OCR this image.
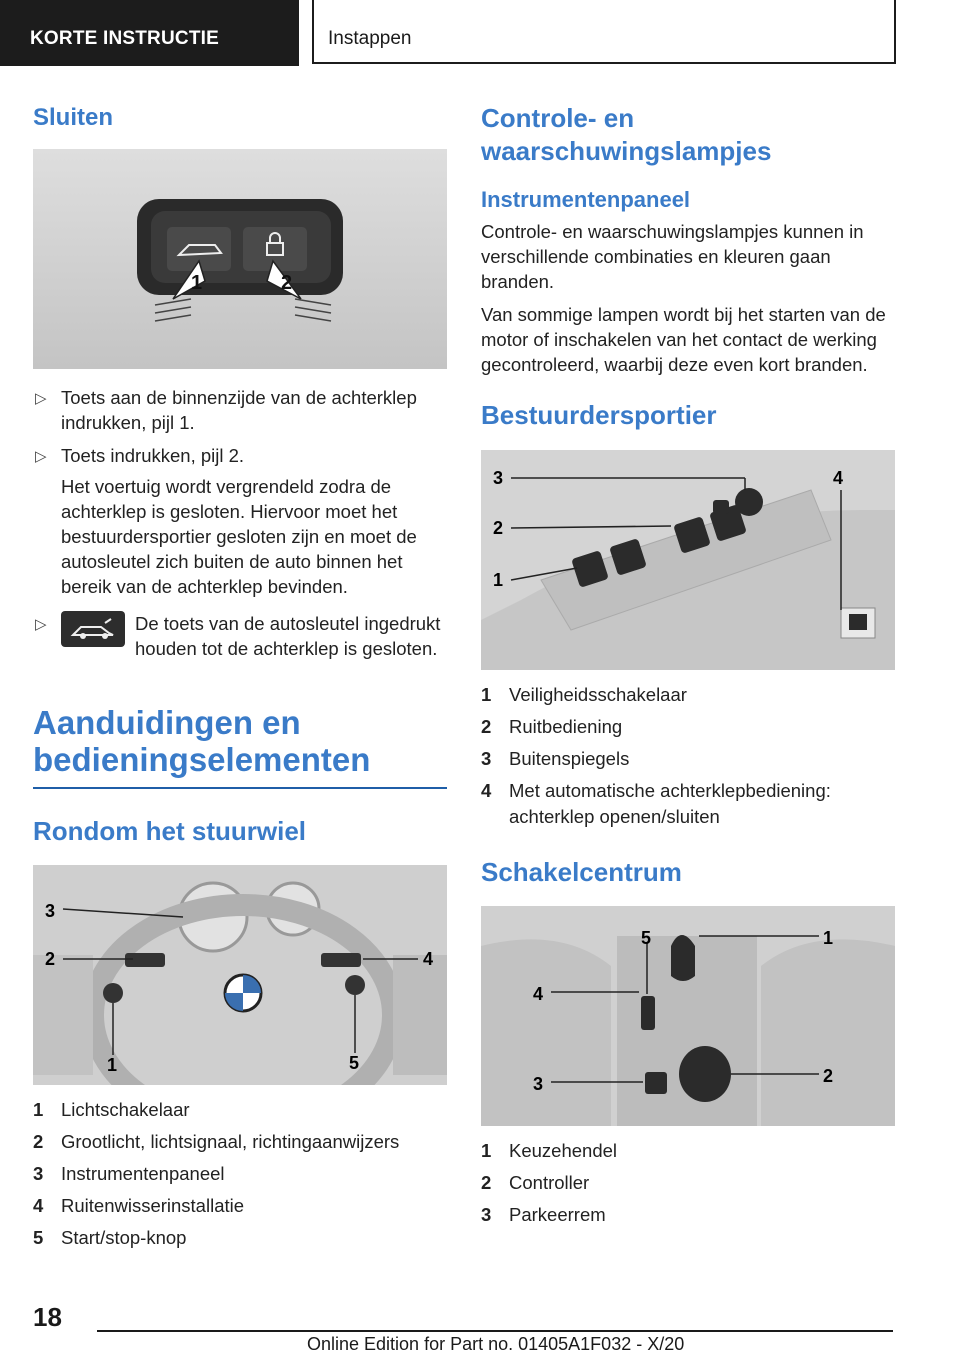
KORTE INSTRUCTIE	Instappen
Sluiten
1	2
▷ Toets aan de binnenzijde van de achterklep indrukken, pijl 1.
▷ Toets indrukken, pijl 2.
Het voertuig wordt vergrendeld zodra de achterklep is gesloten. Hiervoor moet het bestuurdersportier gesloten zijn en moet de autosleutel zich buiten de auto binnen het bereik van de achterklep bevinden.
▷	De toets van de autosleutel ingedrukt houden tot de achterklep is gesloten.
Aanduidingen en bedieningselementen
Rondom het stuurwiel
3
2	4
1	5
1 Lichtschakelaar
2 Grootlicht, lichtsignaal, richtingaanwijzers
3 Instrumentenpaneel
4 Ruitenwisserinstallatie
5 Start/stop-knop
Controle- en waarschuwingslampjes
Instrumentenpaneel

Controle- en waarschuwingslampjes kunnen in verschillende combinaties en kleuren gaan branden.

Van sommige lampen wordt bij het starten van de motor of inschakelen van het contact de werking gecontroleerd, waarbij deze even kort branden.

Bestuurdersportier
1
2
3	4
1 Veiligheidsschakelaar
2 Ruitbediening
3 Buitenspiegels
4 Met automatische achterklepbediening: achterklep openen/sluiten
Schakelcentrum
1
2
3
4
5
1 Keuzehendel
2 Controller
3 Parkeerrem
18
Online Edition for Part no. 01405A1F032 - X/20
